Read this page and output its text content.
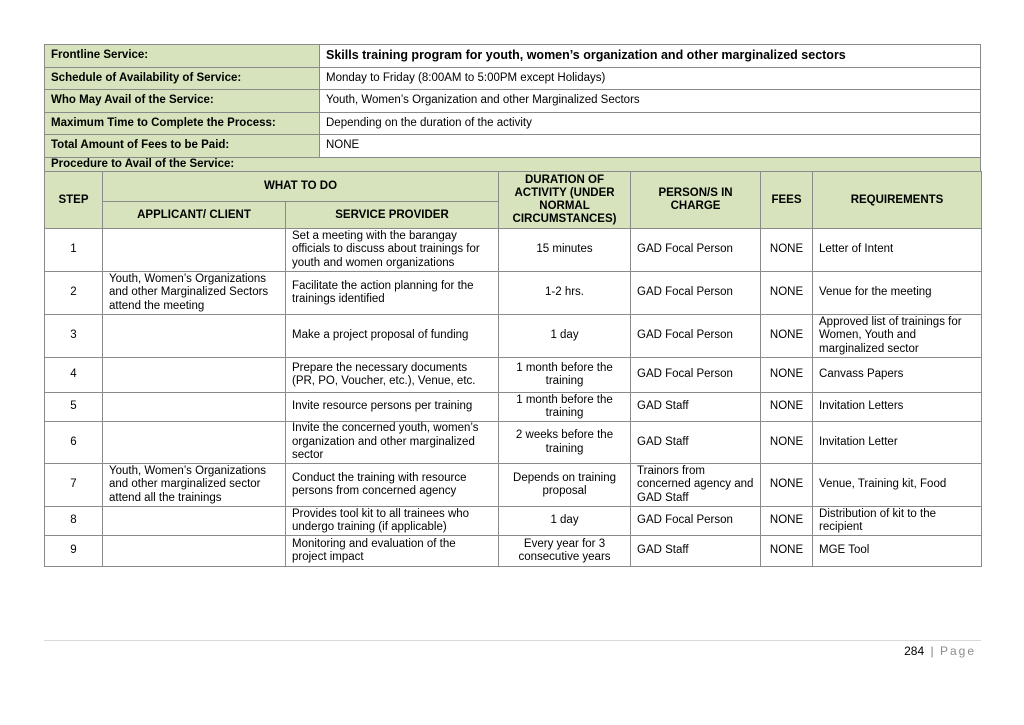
Frontline Service:	Skills training program for youth, women’s organization and other marginalized sectors
Schedule of Availability of Service:	Monday to Friday (8:00AM to 5:00PM except Holidays)
Who May Avail of the Service:	Youth, Women’s Organization and other Marginalized Sectors
Maximum Time to Complete the Process:	Depending on the duration of the activity
Total Amount of Fees to be Paid:	NONE
Procedure to Avail of the Service:	
STEP	WHAT TO DO		DURATION OF ACTIVITY (UNDER NORMAL CIRCUMSTANCES)	PERSON/S IN CHARGE	FEES	REQUIREMENTS
	APPLICANT/ CLIENT	SERVICE PROVIDER				
1		Set a meeting with the barangay officials to discuss about trainings for youth and women organizations	15 minutes	GAD Focal Person	NONE	Letter of Intent
2	Youth, Women’s Organizations and other Marginalized Sectors attend the meeting	Facilitate the action planning for the trainings identified	1-2 hrs.	GAD Focal Person	NONE	Venue for the meeting
3		Make a project proposal of funding	1 day	GAD Focal Person	NONE	Approved list of trainings for Women, Youth and marginalized sector
4		Prepare the necessary documents (PR, PO, Voucher, etc.), Venue, etc.	1 month before the training	GAD Focal Person	NONE	Canvass Papers
5		Invite resource persons per training	1 month before the training	GAD Staff	NONE	Invitation Letters
6		Invite the concerned youth, women’s organization and other marginalized sector	2 weeks before the training	GAD Staff	NONE	Invitation Letter
7	Youth, Women’s Organizations and other marginalized sector attend all the trainings	Conduct the training with resource persons from concerned agency	Depends on training proposal	Trainors from concerned agency and GAD Staff	NONE	Venue, Training kit, Food
8		Provides tool kit to all trainees who undergo training (if applicable)	1 day	GAD Focal Person	NONE	Distribution of kit to the recipient
9		Monitoring and evaluation of the project impact	Every year for 3 consecutive years	GAD Staff	NONE	MGE Tool
284 | Page
